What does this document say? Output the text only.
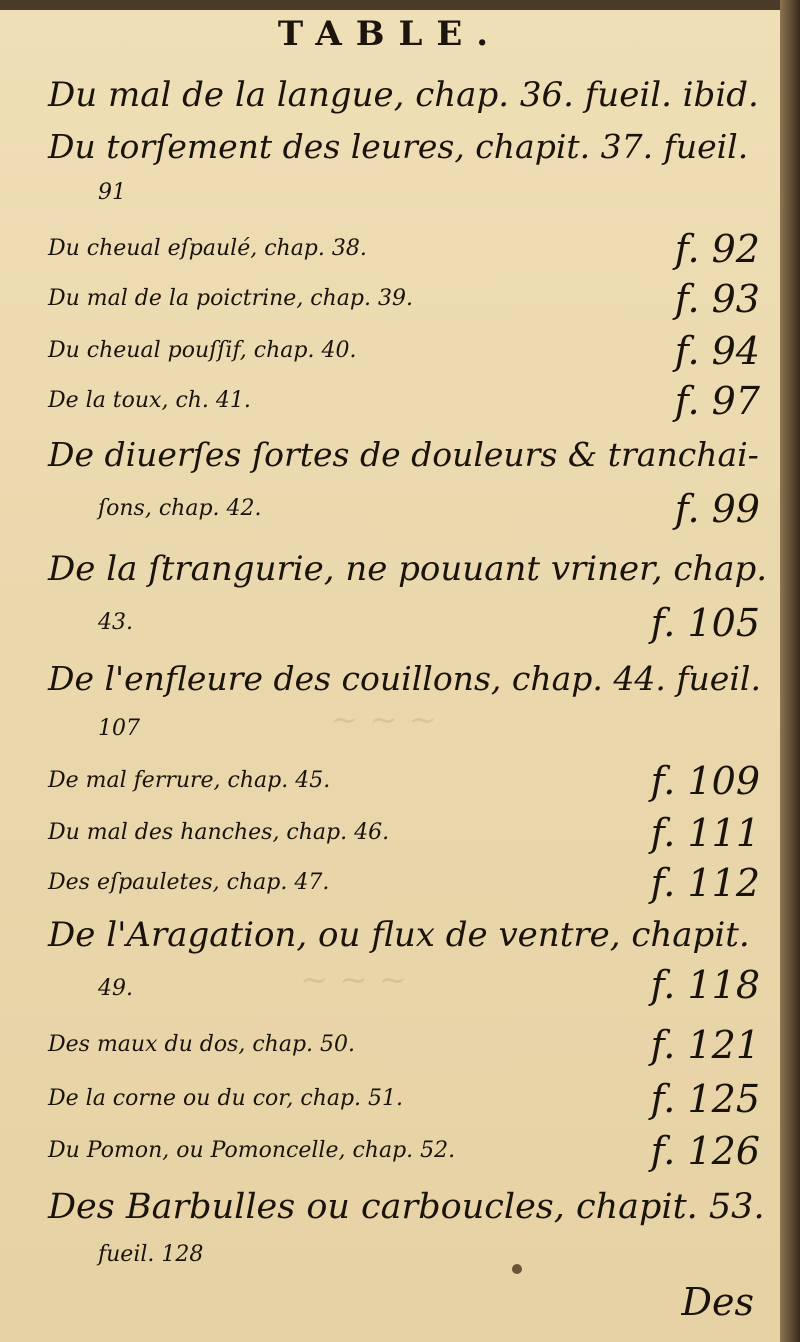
TABLE.
~ ~ ~
~ ~ ~
Du mal de la langue, chap. 36. fueil. ibid.
Du torſement des leures, chapit. 37. fueil.
91
Du cheual eſpaulé, chap. 38.	f. 92
Du mal de la poictrine, chap. 39.	f. 93
Du cheual pouſſif, chap. 40.	f. 94
De la toux, ch. 41.	f. 97
De diuerſes ſortes de douleurs & tranchai-
ſons, chap. 42.	f. 99
De la ſtrangurie, ne pouuant vriner, chap.
43.	f. 105
De l'enfleure des couillons, chap. 44. fueil.
107
De mal ferrure, chap. 45.	f. 109
Du mal des hanches, chap. 46.	f. 111
Des eſpauletes, chap. 47.	f. 112
De l'Aragation, ou flux de ventre, chapit.
49.	f. 118
Des maux du dos, chap. 50.	f. 121
De la corne ou du cor, chap. 51.	f. 125
Du Pomon, ou Pomoncelle, chap. 52.	f. 126
Des Barbulles ou carboucles, chapit. 53.
fueil. 128
Des
